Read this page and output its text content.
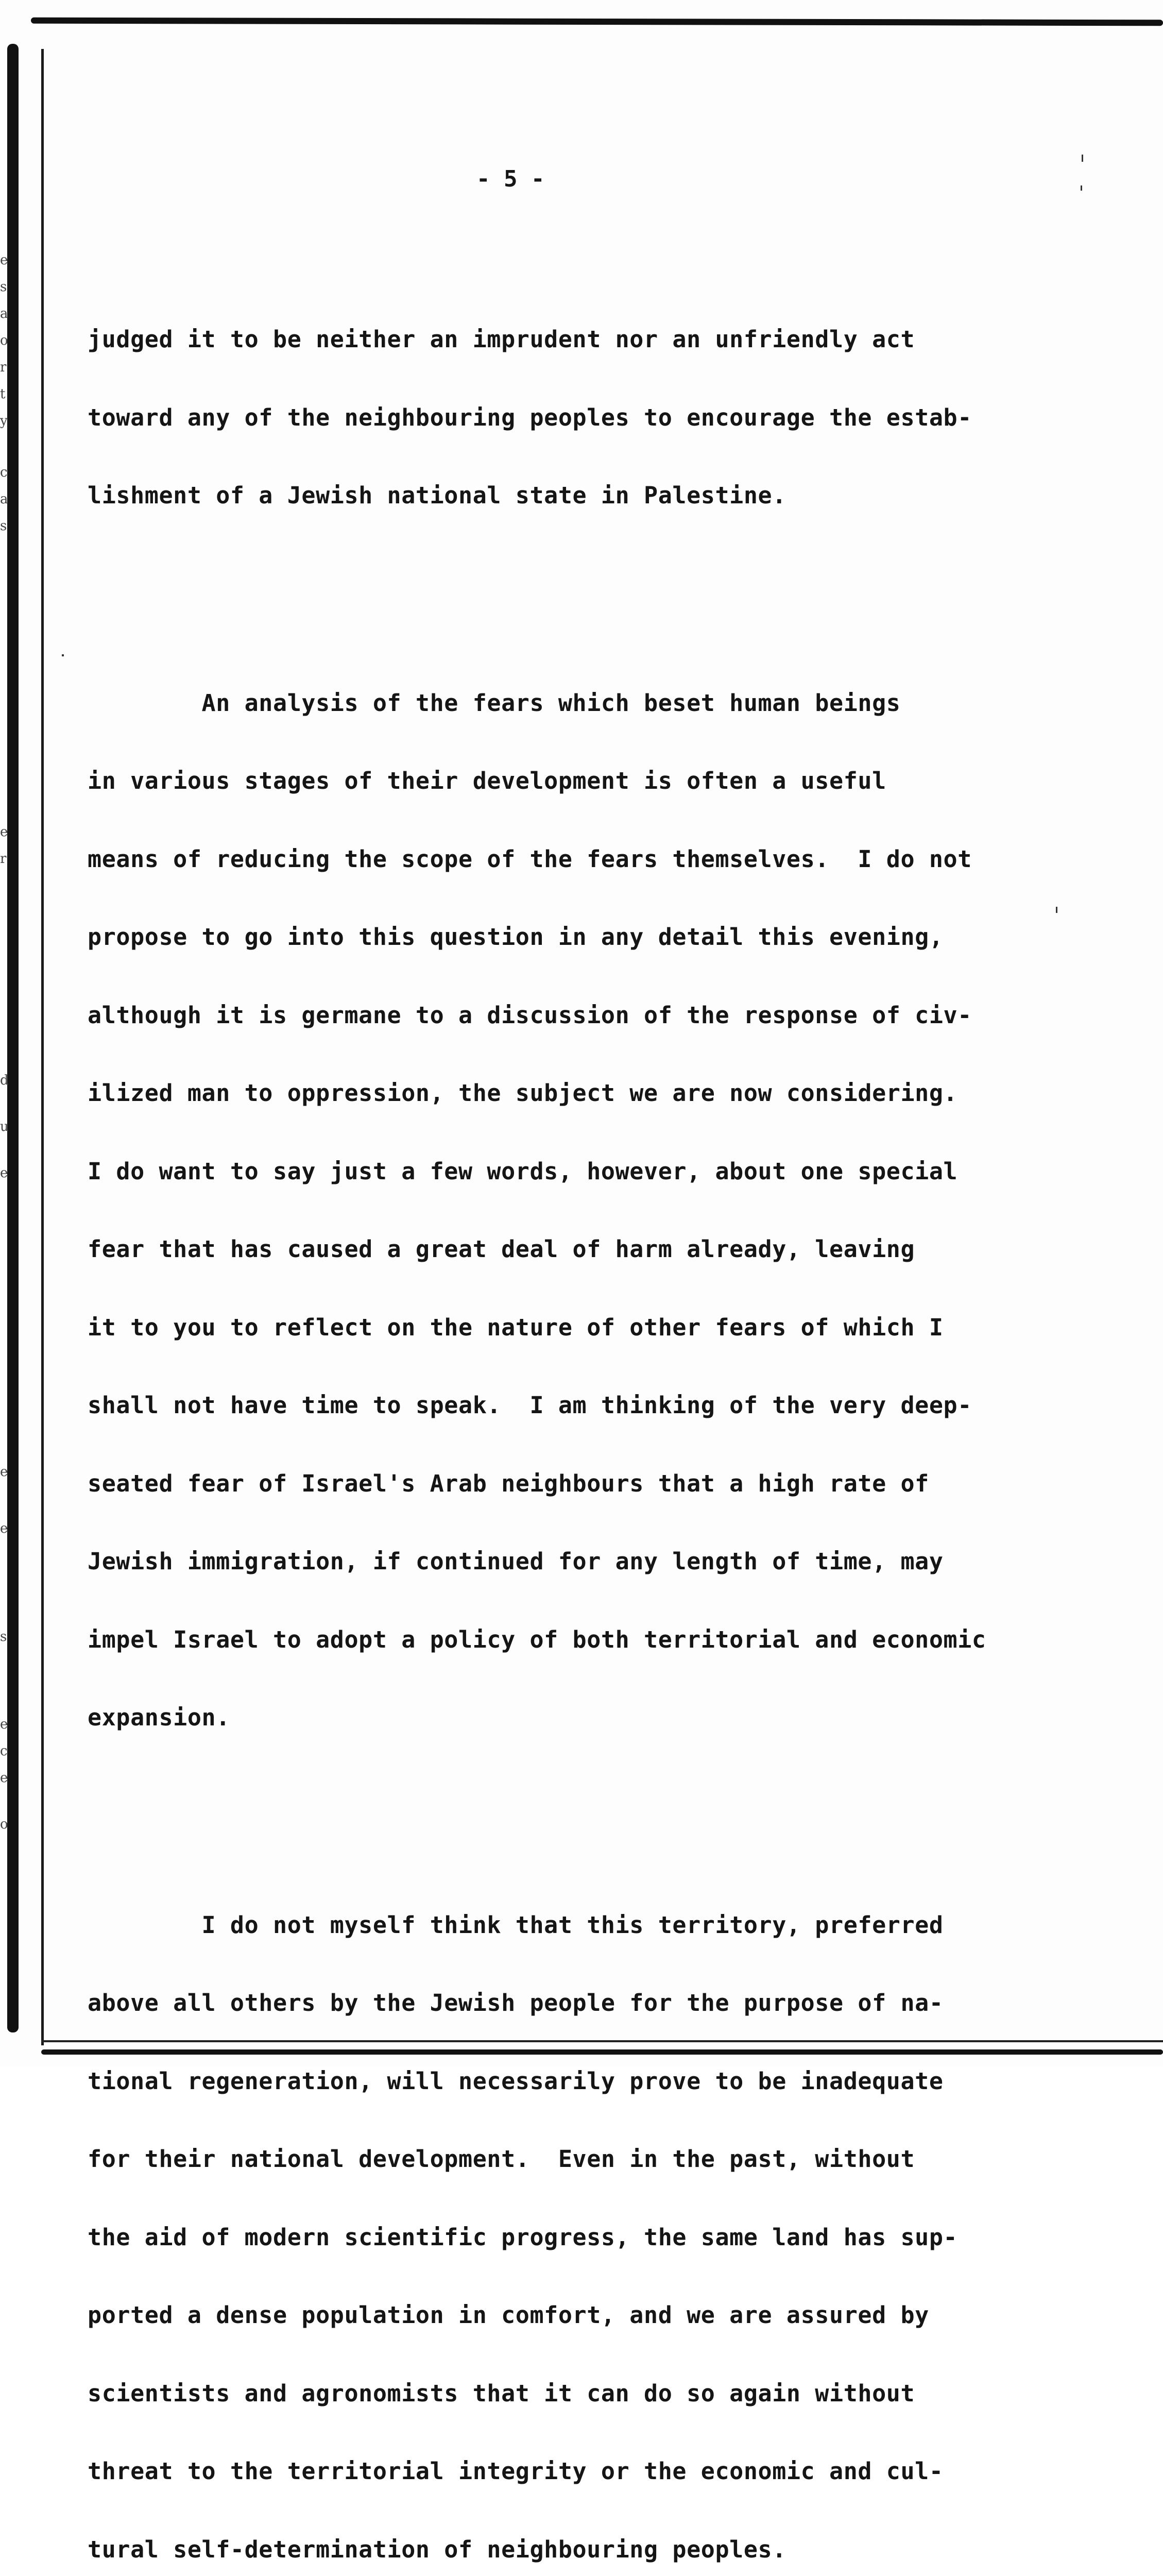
e
s
a
o
r
t
y
c
a
s
e
r
d
u
e
e
e
s
e
c
e
o
- 5 -

judged it to be neither an imprudent nor an unfriendly act

toward any of the neighbouring peoples to encourage the estab-

lishment of a Jewish national state in Palestine.

An analysis of the fears which beset human beings

in various stages of their development is often a useful

means of reducing the scope of the fears themselves.  I do not

propose to go into this question in any detail this evening,

although it is germane to a discussion of the response of civ-

ilized man to oppression, the subject we are now considering.

I do want to say just a few words, however, about one special

fear that has caused a great deal of harm already, leaving

it to you to reflect on the nature of other fears of which I

shall not have time to speak.  I am thinking of the very deep-

seated fear of Israel's Arab neighbours that a high rate of

Jewish immigration, if continued for any length of time, may

impel Israel to adopt a policy of both territorial and economic

expansion.

I do not myself think that this territory, preferred

above all others by the Jewish people for the purpose of na-

tional regeneration, will necessarily prove to be inadequate

for their national development.  Even in the past, without

the aid of modern scientific progress, the same land has sup-

ported a dense population in comfort, and we are assured by

scientists and agronomists that it can do so again without

threat to the territorial integrity or the economic and cul-

tural self-determination of neighbouring peoples.
